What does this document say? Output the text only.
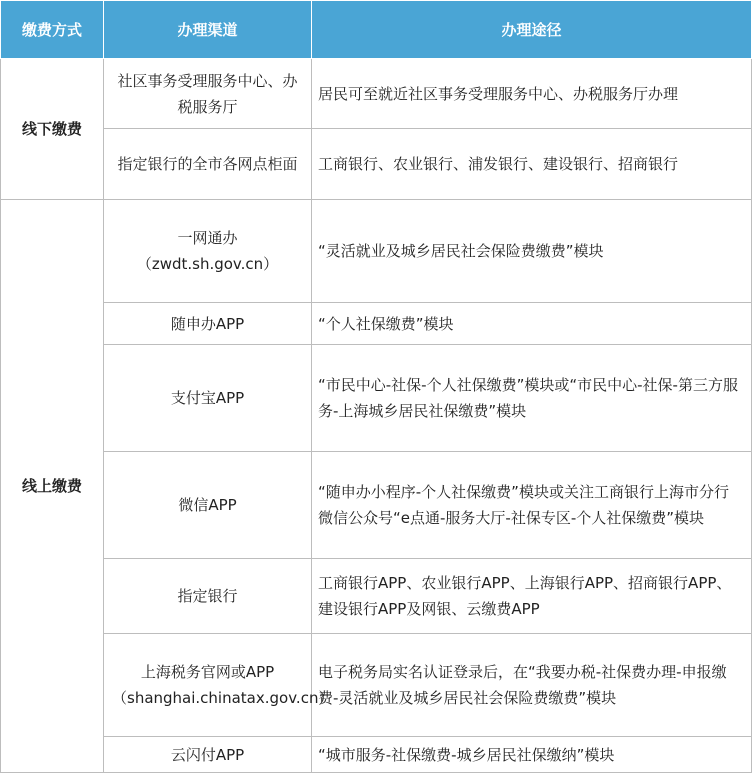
缴费方式	办理渠道	办理途径
线下缴费	社区事务受理服务中心、办税服务厅	居民可至就近社区事务受理服务中心、办税服务厅办理
	指定银行的全市各网点柜面	工商银行、农业银行、浦发银行、建设银行、招商银行
线上缴费	一网通办（zwdt.sh.gov.cn）	“灵活就业及城乡居民社会保险费缴费”模块
	随申办APP	“个人社保缴费”模块
	支付宝APP	“市民中心-社保-个人社保缴费”模块或“市民中心-社保-第三方服务-上海城乡居民社保缴费”模块
	微信APP	“随申办小程序-个人社保缴费”模块或关注工商银行上海市分行微信公众号“e点通-服务大厅-社保专区-个人社保缴费”模块
	指定银行	工商银行APP、农业银行APP、上海银行APP、招商银行APP、建设银行APP及网银、云缴费APP
	上海税务官网或APP（shanghai.chinatax.gov.cn）	电子税务局实名认证登录后，在“我要办税-社保费办理-申报缴费-灵活就业及城乡居民社会保险费缴费”模块
	云闪付APP	“城市服务-社保缴费-城乡居民社保缴纳”模块
